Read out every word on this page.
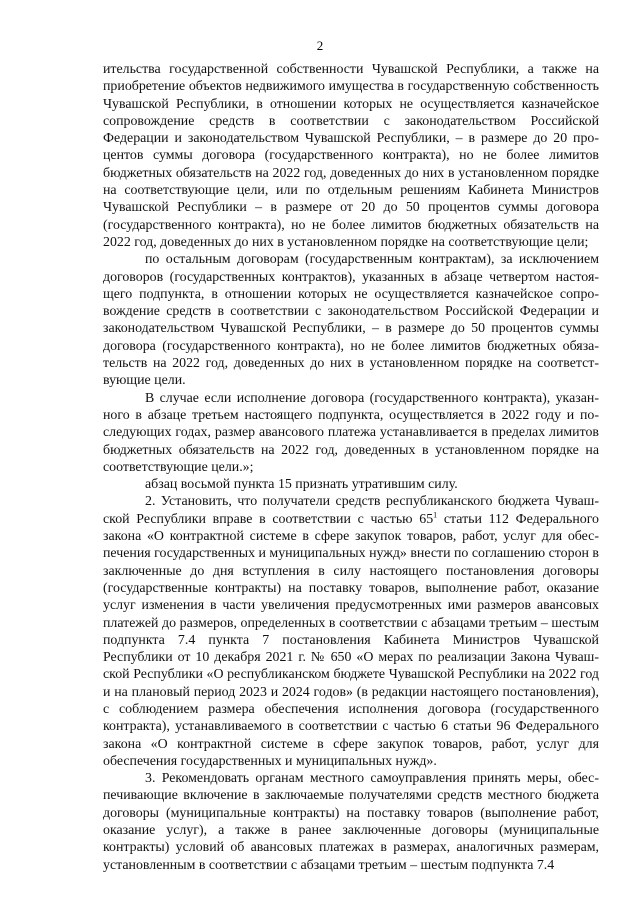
2

ительства государственной собственности Чувашской Республики, а также на приобретение объектов недвижимого имущества в государственную собственность Чувашской Республики, в отношении которых не осуществляется казначейское сопровождение средств в соответствии с законодательством Российской Федерации и законодательством Чувашской Республики, – в размере до 20 процентов суммы договора (государственного контракта), но не более лимитов бюджетных обязательств на 2022 год, доведенных до них в установленном порядке на соответствующие цели, или по отдельным решениям Кабинета Министров Чувашской Республики – в размере от 20 до 50 процентов суммы договора (государственного контракта), но не более лимитов бюджетных обязательств на 2022 год, доведенных до них в установленном порядке на соответствующие цели;

по остальным договорам (государственным контрактам), за исключением договоров (государственных контрактов), указанных в абзаце четвертом настоящего подпункта, в отношении которых не осуществляется казначейское сопровождение средств в соответствии с законодательством Российской Федерации и законодательством Чувашской Республики, – в размере до 50 процентов суммы договора (государственного контракта), но не более лимитов бюджетных обязательств на 2022 год, доведенных до них в установленном порядке на соответствующие цели.

В случае если исполнение договора (государственного контракта), указанного в абзаце третьем настоящего подпункта, осуществляется в 2022 году и последующих годах, размер авансового платежа устанавливается в пределах лимитов бюджетных обязательств на 2022 год, доведенных в установленном порядке на соответствующие цели.»;

абзац восьмой пункта 15 признать утратившим силу.

2. Установить, что получатели средств республиканского бюджета Чувашской Республики вправе в соответствии с частью $65^1$ статьи 112 Федерального закона «О контрактной системе в сфере закупок товаров, работ, услуг для обеспечения государственных и муниципальных нужд» внести по соглашению сторон в заключенные до дня вступления в силу настоящего постановления договоры (государственные контракты) на поставку товаров, выполнение работ, оказание услуг изменения в части увеличения предусмотренных ими размеров авансовых платежей до размеров, определенных в соответствии с абзацами третьим – шестым подпункта 7.4 пункта 7 постановления Кабинета Министров Чувашской Республики от 10 декабря 2021 г. № 650 «О мерах по реализации Закона Чувашской Республики «О республиканском бюджете Чувашской Республики на 2022 год и на плановый период 2023 и 2024 годов» (в редакции настоящего постановления), с соблюдением размера обеспечения исполнения договора (государственного контракта), устанавливаемого в соответствии с частью 6 статьи 96 Федерального закона «О контрактной системе в сфере закупок товаров, работ, услуг для обеспечения государственных и муниципальных нужд».

3. Рекомендовать органам местного самоуправления принять меры, обеспечивающие включение в заключаемые получателями средств местного бюджета договоры (муниципальные контракты) на поставку товаров (выполнение работ, оказание услуг), а также в ранее заключенные договоры (муниципальные контракты) условий об авансовых платежах в размерах, аналогичных размерам, установленным в соответствии с абзацами третьим – шестым подпункта 7.4
